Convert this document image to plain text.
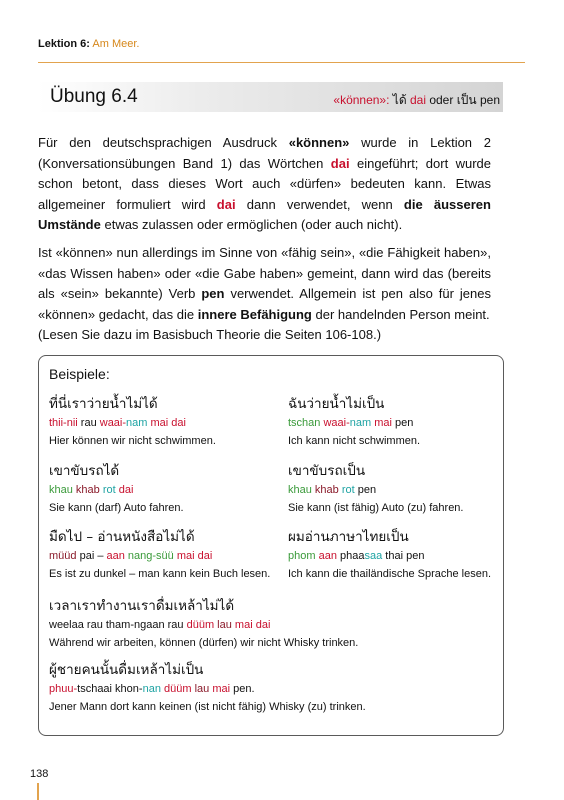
Lektion 6: Am Meer.
Übung 6.4	«können»: ได้ dai oder เป็น pen
Für den deutschsprachigen Ausdruck «können» wurde in Lektion 2 (Konversationsübungen Band 1) das Wörtchen dai eingeführt; dort wurde schon betont, dass dieses Wort auch «dürfen» bedeuten kann. Etwas allgemeiner formuliert wird dai dann verwendet, wenn die äusseren Umstände etwas zulassen oder ermöglichen (oder auch nicht).
Ist «können» nun allerdings im Sinne von «fähig sein», «die Fähigkeit haben», «das Wissen haben» oder «die Gabe haben» gemeint, dann wird das (bereits als «sein» bekannte) Verb pen verwendet. Allgemein ist pen also für jenes «können» gedacht, das die innere Befähigung der handelnden Person meint.
(Lesen Sie dazu im Basisbuch Theorie die Seiten 106-108.)
Beispiele:
ที่นี่เราว่ายน้ำไม่ได้
thii-nii rau waai-nam mai dai
Hier können wir nicht schwimmen.
ฉันว่ายน้ำไม่เป็น
tschan waai-nam mai pen
Ich kann nicht schwimmen.
เขาขับรถได้
khau khab rot dai
Sie kann (darf) Auto fahren.
เขาขับรถเป็น
khau khab rot pen
Sie kann (ist fähig) Auto (zu) fahren.
มืดไป – อ่านหนังสือไม่ได้
müüd pai – aan nang-süü mai dai
Es ist zu dunkel – man kann kein Buch lesen.
ผมอ่านภาษาไทยเป็น
phom aan phaasaa thai pen
Ich kann die thailändische Sprache lesen.
เวลาเราทำงานเราดื่มเหล้าไม่ได้
weelaa rau tham-ngaan rau düüm lau mai dai
Während wir arbeiten, können (dürfen) wir nicht Whisky trinken.
ผู้ชายคนนั้นดื่มเหล้าไม่เป็น
phuu-tschaai khon-nan düüm lau mai pen.
Jener Mann dort kann keinen (ist nicht fähig) Whisky (zu) trinken.
138
